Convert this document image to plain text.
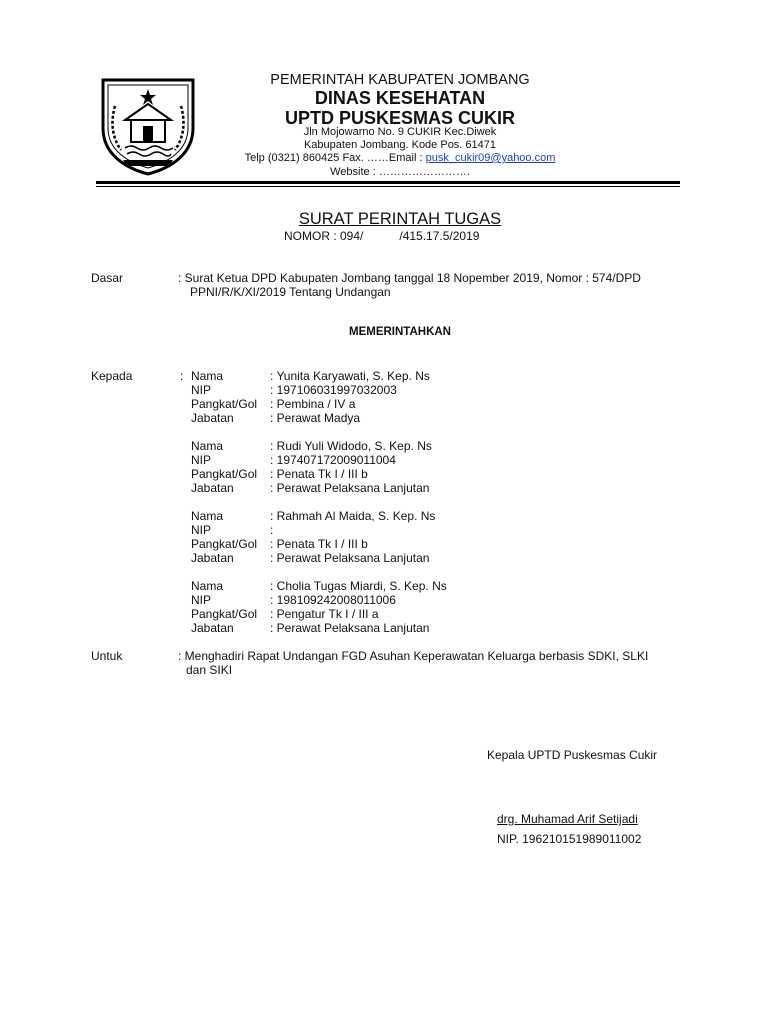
PEMERINTAH KABUPATEN JOMBANG
DINAS KESEHATAN
UPTD PUSKESMAS CUKIR
Jln Mojowarno No. 9 CUKIR Kec.Diwek
Kabupaten Jombang. Kode Pos. 61471
Telp (0321) 860425 Fax. ……Email : pusk_cukir09@yahoo.com
Website : …………………….
SURAT PERINTAH TUGAS
NOMOR : 094/	/415.17.5/2019
Dasar	: Surat Ketua DPD Kabupaten Jombang tanggal 18 Nopember 2019, Nomor : 574/DPD
PPNI/R/K/XI/2019 Tentang Undangan
MEMERINTAHKAN
Kepada	: Nama	: Yunita Karyawati, S. Kep. Ns
NIP	: 197106031997032003
Pangkat/Gol : Pembina / IV a
Jabatan	: Perawat Madya
Nama	: Rudi Yuli Widodo, S. Kep. Ns
NIP	: 197407172009011004
Pangkat/Gol : Penata Tk I / III b
Jabatan	: Perawat Pelaksana Lanjutan
Nama	: Rahmah Al Maida, S. Kep. Ns
NIP	:
Pangkat/Gol : Penata Tk I / III b
Jabatan	: Perawat Pelaksana Lanjutan
Nama	: Cholia Tugas Miardi, S. Kep. Ns
NIP	: 198109242008011006
Pangkat/Gol : Pengatur Tk I / III a
Jabatan	: Perawat Pelaksana Lanjutan
Untuk	: Menghadiri Rapat Undangan FGD Asuhan Keperawatan Keluarga berbasis SDKI, SLKI
dan SIKI
Kepala UPTD Puskesmas Cukir
drg. Muhamad Arif Setijadi
NIP. 196210151989011002
